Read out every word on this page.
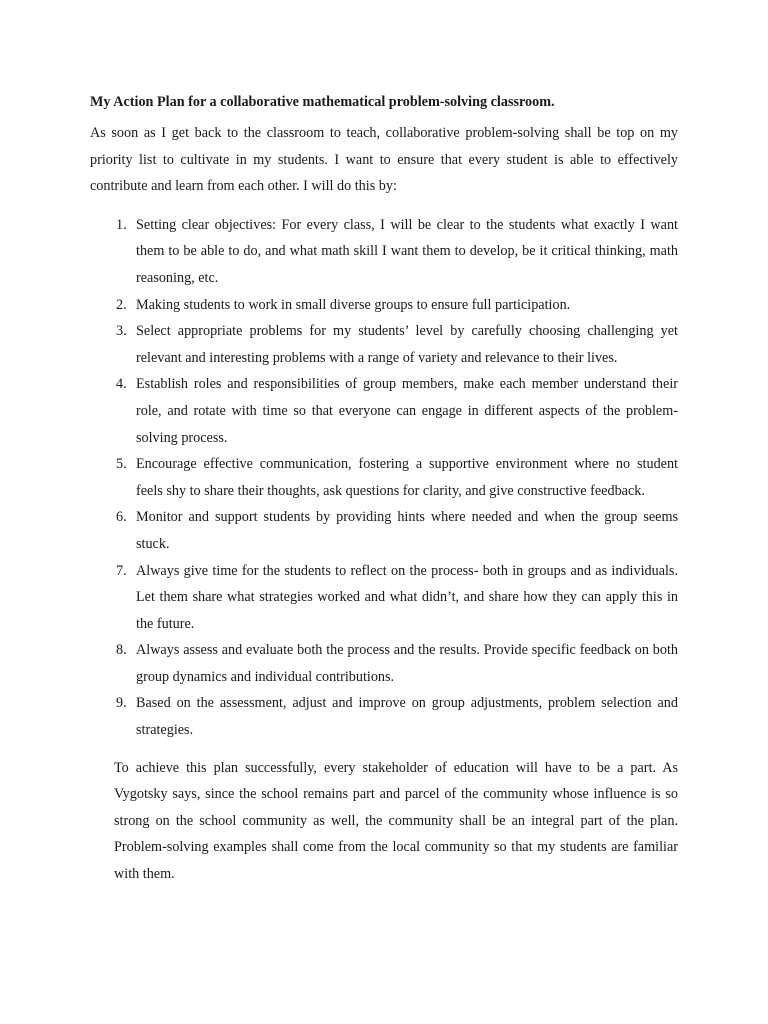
My Action Plan for a collaborative mathematical problem-solving classroom.

As soon as I get back to the classroom to teach, collaborative problem-solving shall be top on my priority list to cultivate in my students. I want to ensure that every student is able to effectively contribute and learn from each other. I will do this by:

1. Setting clear objectives: For every class, I will be clear to the students what exactly I want them to be able to do, and what math skill I want them to develop, be it critical thinking, math reasoning, etc.
2. Making students to work in small diverse groups to ensure full participation.
3. Select appropriate problems for my students’ level by carefully choosing challenging yet relevant and interesting problems with a range of variety and relevance to their lives.
4. Establish roles and responsibilities of group members, make each member understand their role, and rotate with time so that everyone can engage in different aspects of the problem-solving process.
5. Encourage effective communication, fostering a supportive environment where no student feels shy to share their thoughts, ask questions for clarity, and give constructive feedback.
6. Monitor and support students by providing hints where needed and when the group seems stuck.
7. Always give time for the students to reflect on the process- both in groups and as individuals. Let them share what strategies worked and what didn’t, and share how they can apply this in the future.
8. Always assess and evaluate both the process and the results. Provide specific feedback on both group dynamics and individual contributions.
9. Based on the assessment, adjust and improve on group adjustments, problem selection and strategies.

To achieve this plan successfully, every stakeholder of education will have to be a part. As Vygotsky says, since the school remains part and parcel of the community whose influence is so strong on the school community as well, the community shall be an integral part of the plan. Problem-solving examples shall come from the local community so that my students are familiar with them.
